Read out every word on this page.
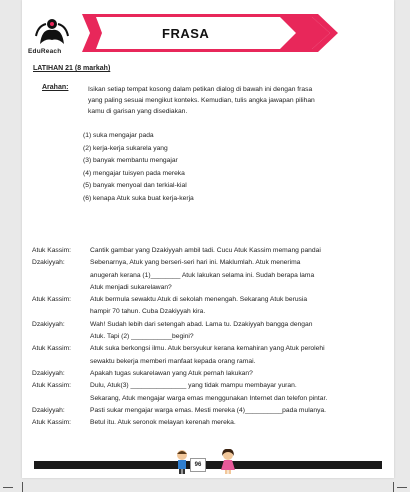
EduReach
FRASA
LATIHAN 21 (8 markah)
Arahan:	Isikan setiap tempat kosong dalam petikan dialog di bawah ini dengan frasa
yang paling sesuai mengikut konteks. Kemudian, tulis angka jawapan pilihan
kamu di garisan yang disediakan.
(1) suka mengajar pada
(2) kerja-kerja sukarela yang
(3) banyak membantu mengajar
(4) mengajar tuisyen pada mereka
(5) banyak menyoal dan terkial-kial
(6) kenapa Atuk suka buat kerja-kerja
Atuk Kassim:	Cantik gambar yang Dzakiyyah ambil tadi. Cucu Atuk Kassim memang pandai
Dzakiyyah:	Sebenarnya, Atuk yang berseri-seri hari ini. Maklumlah. Atuk menerima
anugerah kerana (1)________ Atuk lakukan selama ini. Sudah berapa lama
Atuk menjadi sukarelawan?
Atuk Kassim:	Atuk bermula sewaktu Atuk di sekolah menengah. Sekarang Atuk berusia
hampir 70 tahun. Cuba Dzakiyyah kira.
Dzakiyyah:	Wah! Sudah lebih dari setengah abad. Lama tu. Dzakiyyah bangga dengan
Atuk. Tapi (2) ___________begini?
Atuk Kassim:	Atuk suka berkongsi ilmu. Atuk bersyukur kerana kemahiran yang Atuk perolehi
sewaktu bekerja memberi manfaat kepada orang ramai.
Dzakiyyah:	Apakah tugas sukarelawan yang Atuk pernah lakukan?
Atuk Kassim:	Dulu, Atuk(3) _______________ yang tidak mampu membayar yuran.
Sekarang, Atuk mengajar warga emas menggunakan Internet dan telefon pintar.
Dzakiyyah:	Pasti sukar mengajar warga emas. Mesti mereka (4)__________pada mulanya.
Atuk Kassim:	Betul itu. Atuk seronok melayan kerenah mereka.
96
